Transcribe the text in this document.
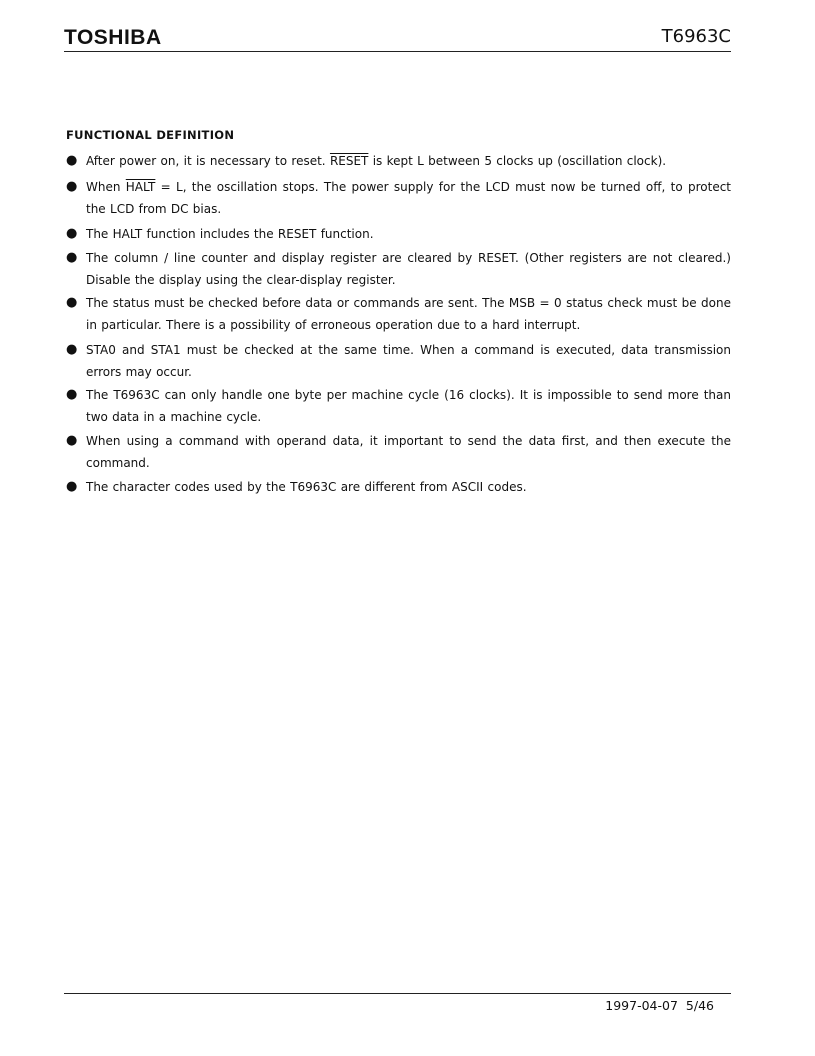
TOSHIBA	T6963C
FUNCTIONAL DEFINITION
● After power on, it is necessary to reset. RESET is kept L between 5 clocks up (oscillation clock).
● When HALT = L, the oscillation stops. The power supply for the LCD must now be turned off, to protect the LCD from DC bias.
● The HALT function includes the RESET function.
● The column / line counter and display register are cleared by RESET. (Other registers are not cleared.) Disable the display using the clear-display register.
● The status must be checked before data or commands are sent. The MSB = 0 status check must be done in particular. There is a possibility of erroneous operation due to a hard interrupt.
● STA0 and STA1 must be checked at the same time. When a command is executed, data transmission errors may occur.
● The T6963C can only handle one byte per machine cycle (16 clocks). It is impossible to send more than two data in a machine cycle.
● When using a command with operand data, it important to send the data first, and then execute the command.
● The character codes used by the T6963C are different from ASCII codes.
1997-04-07 5/46
